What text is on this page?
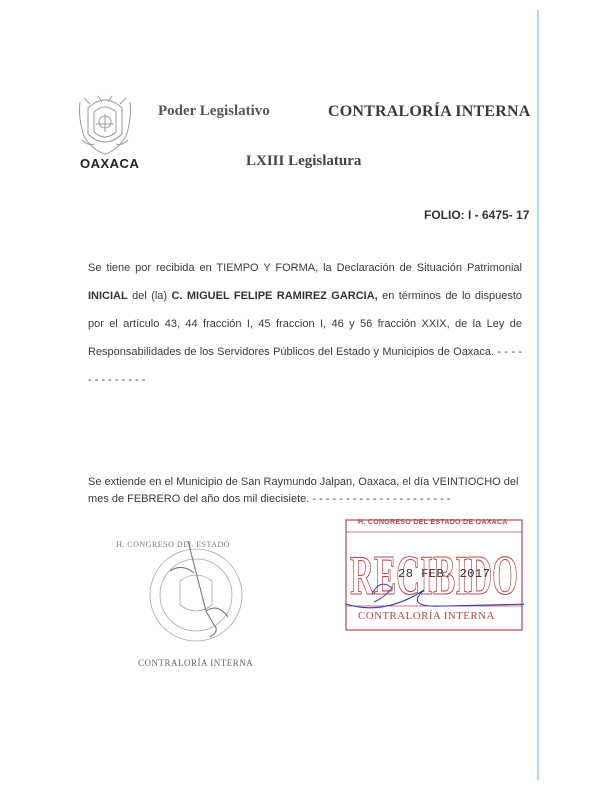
OAXACA
Poder Legislativo	CONTRALORÍA INTERNA
LXIII Legislatura
FOLIO: I - 6475- 17
Se tiene por recibida en TIEMPO Y FORMA, la Declaración de Situación Patrimonial INICIAL del (la) C. MIGUEL FELIPE RAMIREZ GARCIA, en términos de lo dispuesto por el artículo 43, 44 fracción I, 45 fraccion I, 46 y 56 fracción XXIX, de la Ley de Responsabilidades de los Servidores Públicos del Estado y Municipios de Oaxaca. - - - - - - - - - - - - -
Se extiende en el Municipio de San Raymundo Jalpan, Oaxaca, el día VEINTIOCHO del mes de FEBRERO del año dos mil diecisiete. - - - - - - - - - - - - - - - - - - - - -
H. CONGRESO DEL ESTADO
CONTRALORÍA INTERNA
RECIBIDO
H. CONGRESO DEL ESTADO DE OAXACA
28 FEB. 2017
CONTRALORÍA INTERNA
